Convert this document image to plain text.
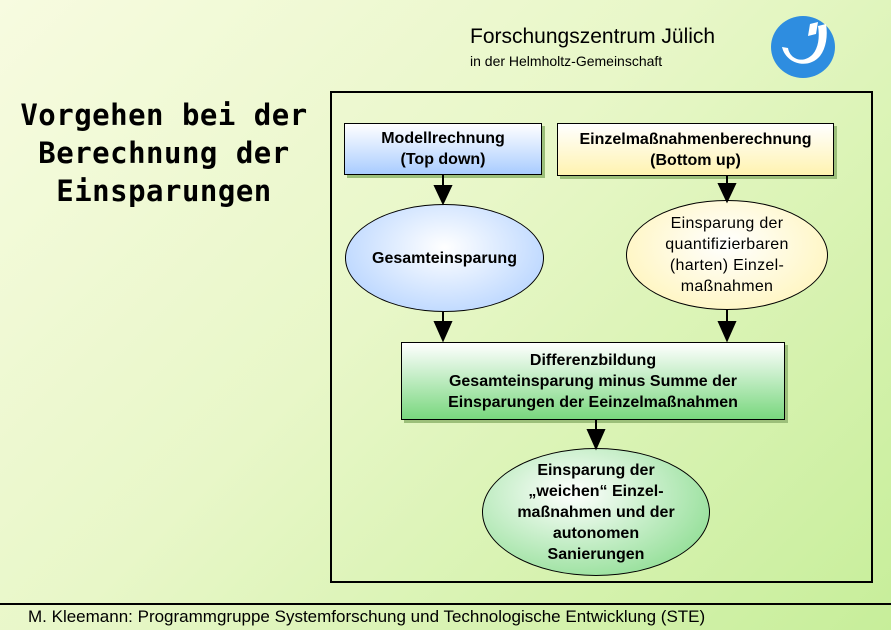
Forschungszentrum Jülich
in der Helmholtz-Gemeinschaft
Vorgehen bei der
Berechnung der
Einsparungen
Modellrechnung
(Top down)
Einzelmaßnahmenberechnung
(Bottom up)
Gesamteinsparung
Einsparung der
quantifizierbaren
(harten) Einzel-
maßnahmen
Differenzbildung
Gesamteinsparung minus Summe der
Einsparungen der Eeinzelmaßnahmen
Einsparung der
„weichen“ Einzel-
maßnahmen und der
autonomen
Sanierungen
M. Kleemann: Programmgruppe Systemforschung und Technologische Entwicklung (STE)
